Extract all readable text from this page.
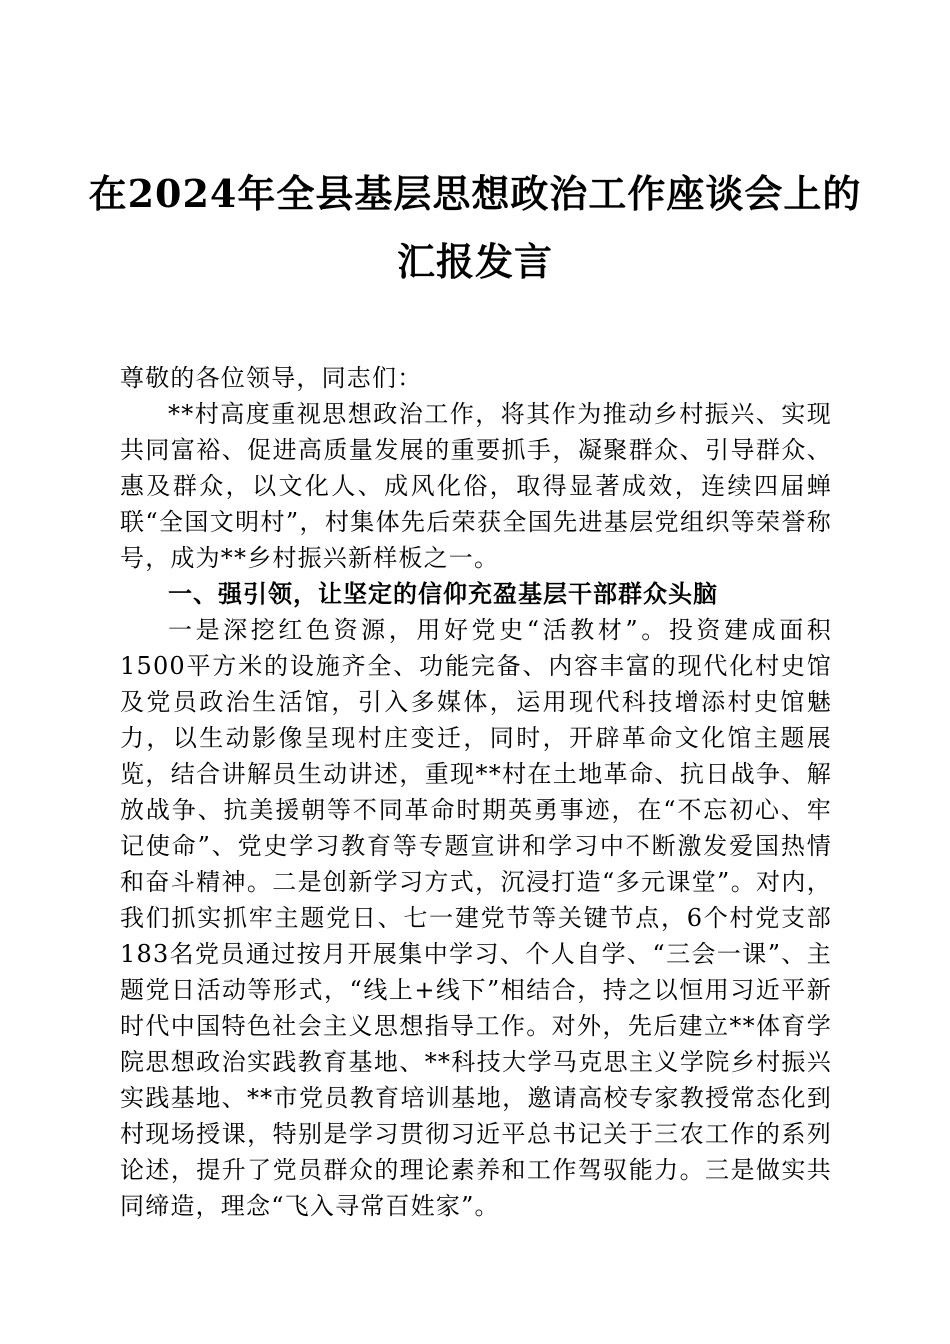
在2024年全县基层思想政治工作座谈会上的
汇报发言

尊敬的各位领导，同志们：

**村高度重视思想政治工作，将其作为推动乡村振兴、实现共同富裕、促进高质量发展的重要抓手，凝聚群众、引导群众、惠及群众，以文化人、成风化俗，取得显著成效，连续四届蝉联“全国文明村”，村集体先后荣获全国先进基层党组织等荣誉称号，成为**乡村振兴新样板之一。

一、强引领，让坚定的信仰充盈基层干部群众头脑

一是深挖红色资源，用好党史“活教材”。投资建成面积1500平方米的设施齐全、功能完备、内容丰富的现代化村史馆及党员政治生活馆，引入多媒体，运用现代科技增添村史馆魅力，以生动影像呈现村庄变迁，同时，开辟革命文化馆主题展览，结合讲解员生动讲述，重现**村在土地革命、抗日战争、解放战争、抗美援朝等不同革命时期英勇事迹，在“不忘初心、牢记使命”、党史学习教育等专题宣讲和学习中不断激发爱国热情和奋斗精神。二是创新学习方式，沉浸打造“多元课堂”。对内，我们抓实抓牢主题党日、七一建党节等关键节点，6个村党支部183名党员通过按月开展集中学习、个人自学、“三会一课”、主题党日活动等形式，“线上+线下”相结合，持之以恒用习近平新时代中国特色社会主义思想指导工作。对外，先后建立**体育学院思想政治实践教育基地、**科技大学马克思主义学院乡村振兴实践基地、**市党员教育培训基地，邀请高校专家教授常态化到村现场授课，特别是学习贯彻习近平总书记关于三农工作的系列论述，提升了党员群众的理论素养和工作驾驭能力。三是做实共同缔造，理念“飞入寻常百姓家”。
